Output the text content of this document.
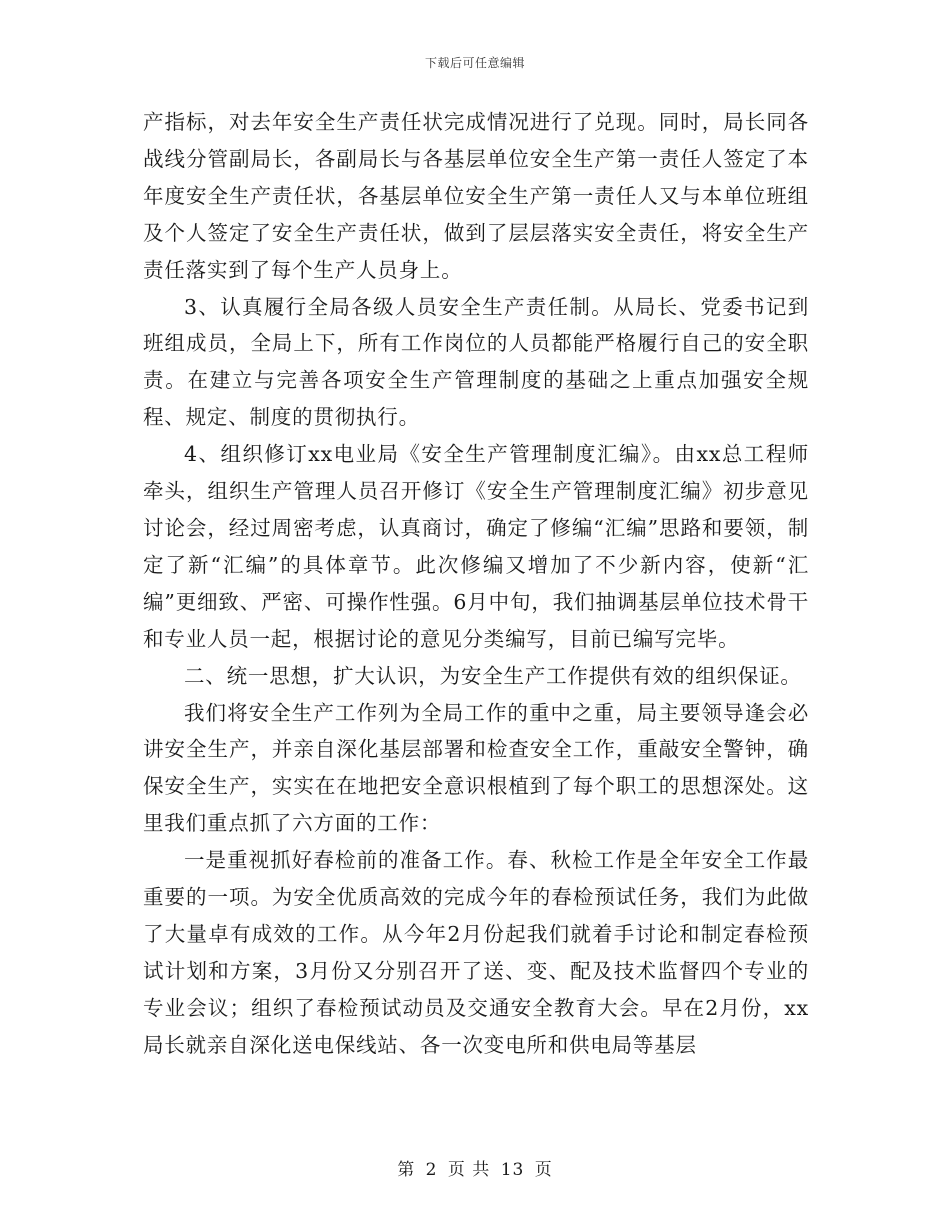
下载后可任意编辑

产指标，对去年安全生产责任状完成情况进行了兑现。同时，局长同各战线分管副局长，各副局长与各基层单位安全生产第一责任人签定了本年度安全生产责任状，各基层单位安全生产第一责任人又与本单位班组及个人签定了安全生产责任状，做到了层层落实安全责任，将安全生产责任落实到了每个生产人员身上。

3、认真履行全局各级人员安全生产责任制。从局长、党委书记到班组成员，全局上下，所有工作岗位的人员都能严格履行自己的安全职责。在建立与完善各项安全生产管理制度的基础之上重点加强安全规程、规定、制度的贯彻执行。

4、组织修订xx电业局《安全生产管理制度汇编》。由xx总工程师牵头，组织生产管理人员召开修订《安全生产管理制度汇编》初步意见讨论会，经过周密考虑，认真商讨，确定了修编“汇编”思路和要领，制定了新“汇编”的具体章节。此次修编又增加了不少新内容，使新“汇编”更细致、严密、可操作性强。6月中旬，我们抽调基层单位技术骨干和专业人员一起，根据讨论的意见分类编写，目前已编写完毕。

二、统一思想，扩大认识，为安全生产工作提供有效的组织保证。

我们将安全生产工作列为全局工作的重中之重，局主要领导逢会必讲安全生产，并亲自深化基层部署和检查安全工作，重敲安全警钟，确保安全生产，实实在在地把安全意识根植到了每个职工的思想深处。这里我们重点抓了六方面的工作：

一是重视抓好春检前的准备工作。春、秋检工作是全年安全工作最重要的一项。为安全优质高效的完成今年的春检预试任务，我们为此做了大量卓有成效的工作。从今年2月份起我们就着手讨论和制定春检预试计划和方案，3月份又分别召开了送、变、配及技术监督四个专业的专业会议；组织了春检预试动员及交通安全教育大会。早在2月份，xx局长就亲自深化送电保线站、各一次变电所和供电局等基层

第 2 页 共 13 页
